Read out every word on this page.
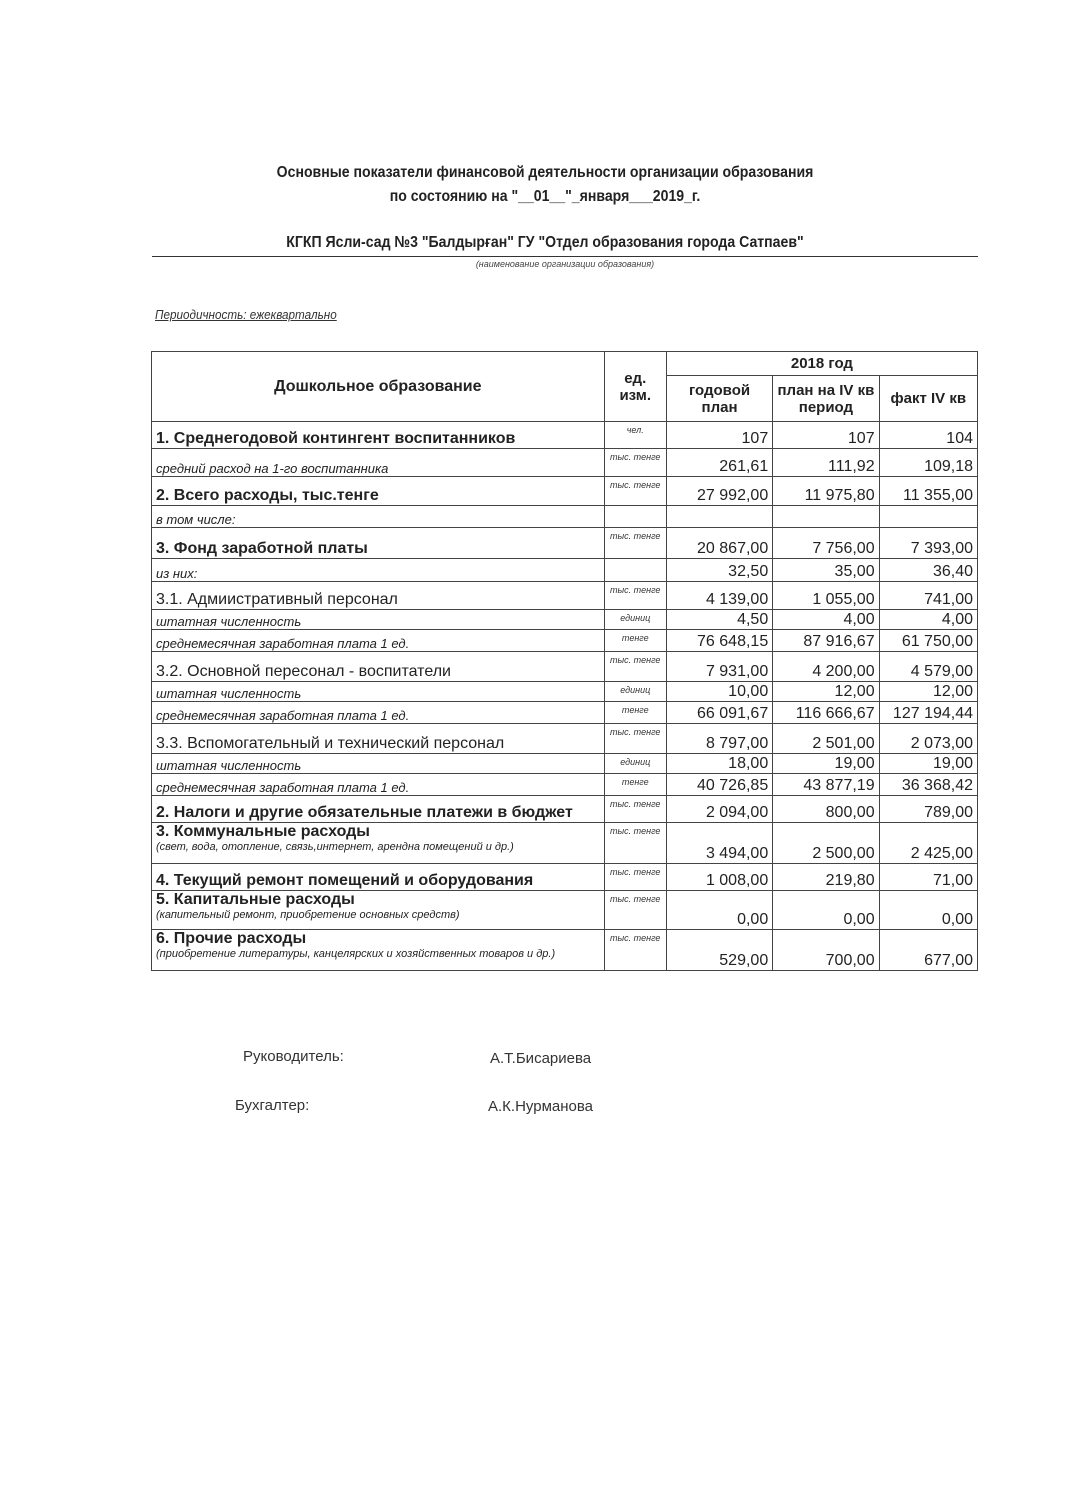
Основные показатели финансовой деятельности организации образования
по состоянию на "__01__"_января___2019_г.
КГКП Ясли-сад №3 "Балдырған" ГУ "Отдел образования города Сатпаев"
(наименование организации образования)
Периодичность: ежеквартально
Дошкольное образование	ед. изм.	2018 год		
		годовой план	план на IV кв период	факт IV кв
1. Среднегодовой контингент воспитанников	чел.	107	107	104
средний расход на 1-го воспитанника	тыс. тенге	261,61	111,92	109,18
2. Всего расходы, тыс.тенге	тыс. тенге	27 992,00	11 975,80	11 355,00
в том числе:				
3. Фонд заработной платы	тыс. тенге	20 867,00	7 756,00	7 393,00
из них:		32,50	35,00	36,40
3.1. Адмиистративный персонал	тыс. тенге	4 139,00	1 055,00	741,00
штатная численность	единиц	4,50	4,00	4,00
среднемесячная заработная плата 1 ед.	тенге	76 648,15	87 916,67	61 750,00
3.2. Основной пересонал - воспитатели	тыс. тенге	7 931,00	4 200,00	4 579,00
штатная численность	единиц	10,00	12,00	12,00
среднемесячная заработная плата 1 ед.	тенге	66 091,67	116 666,67	127 194,44
3.3. Вспомогательный и технический персонал	тыс. тенге	8 797,00	2 501,00	2 073,00
штатная численность	единиц	18,00	19,00	19,00
среднемесячная заработная плата 1 ед.	тенге	40 726,85	43 877,19	36 368,42
2. Налоги и другие обязательные платежи в бюджет	тыс. тенге	2 094,00	800,00	789,00
3. Коммунальные расходы
(свет, вода, отопление, связь,интернет, арендна помещений и др.)	тыс. тенге	3 494,00	2 500,00	2 425,00
4. Текущий ремонт помещений и оборудования	тыс. тенге	1 008,00	219,80	71,00
5. Капитальные расходы
(капительный ремонт, приобретение основных средств)	тыс. тенге	0,00	0,00	0,00
6. Прочие расходы
(приобретение литературы, канцелярских и хозяйственных товаров и др.)	тыс. тенге	529,00	700,00	677,00
Руководитель:	А.Т.Бисариева
Бухгалтер:	А.К.Нурманова
